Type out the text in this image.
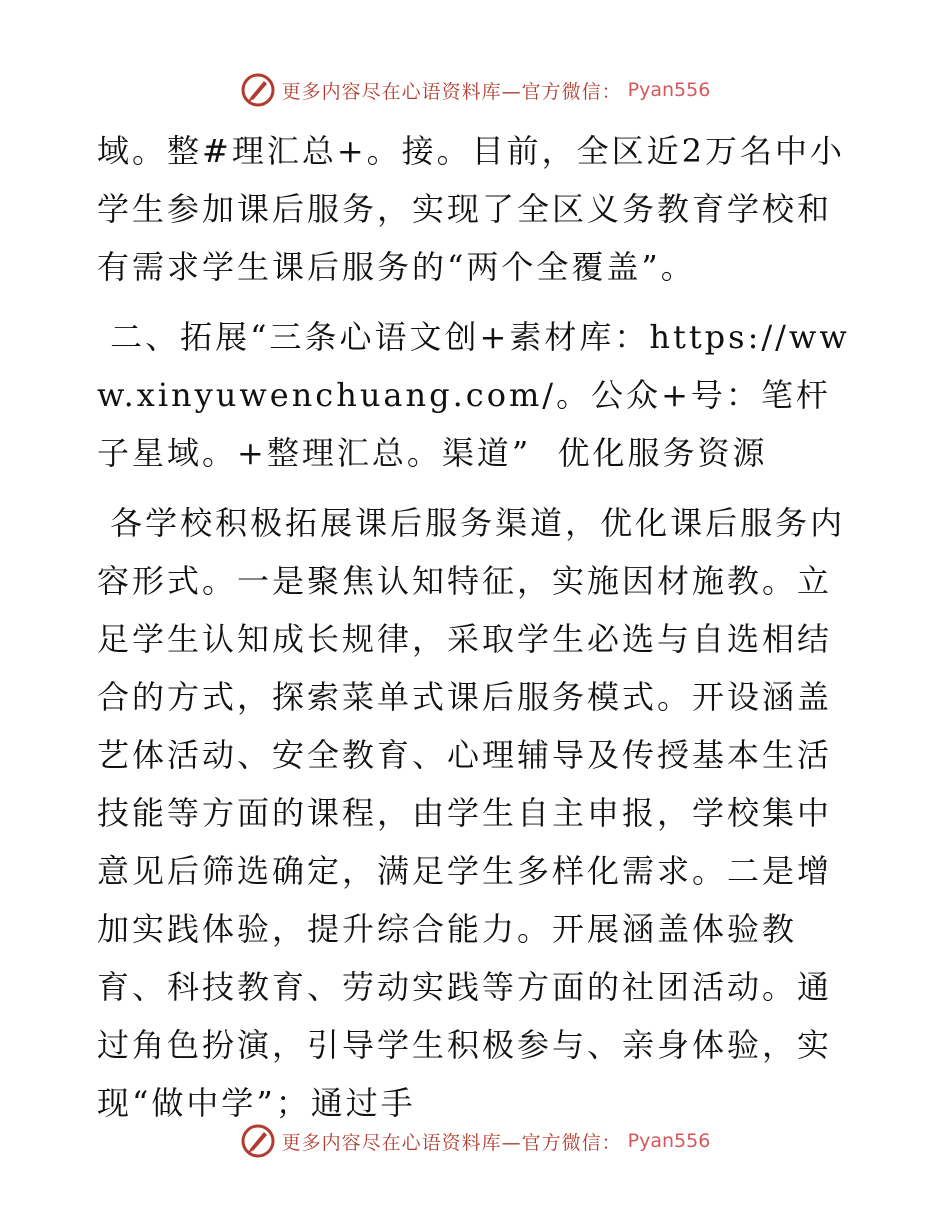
更多内容尽在心语资料库—官方微信： Pyan556

域。整#理汇总+。接。目前，全区近2万名中小学生参加课后服务，实现了全区义务教育学校和有需求学生课后服务的“两个全覆盖”。

二、拓展“三条心语文创+素材库：https://www.xinyuwenchuang.com/。公众+号：笔杆子星域。+整理汇总。渠道”  优化服务资源

各学校积极拓展课后服务渠道，优化课后服务内容形式。一是聚焦认知特征，实施因材施教。立足学生认知成长规律，采取学生必选与自选相结合的方式，探索菜单式课后服务模式。开设涵盖艺体活动、安全教育、心理辅导及传授基本生活技能等方面的课程，由学生自主申报，学校集中意见后筛选确定，满足学生多样化需求。二是增加实践体验，提升综合能力。开展涵盖体验教育、科技教育、劳动实践等方面的社团活动。通过角色扮演，引导学生积极参与、亲身体验，实现“做中学”；通过手

更多内容尽在心语资料库—官方微信： Pyan556
